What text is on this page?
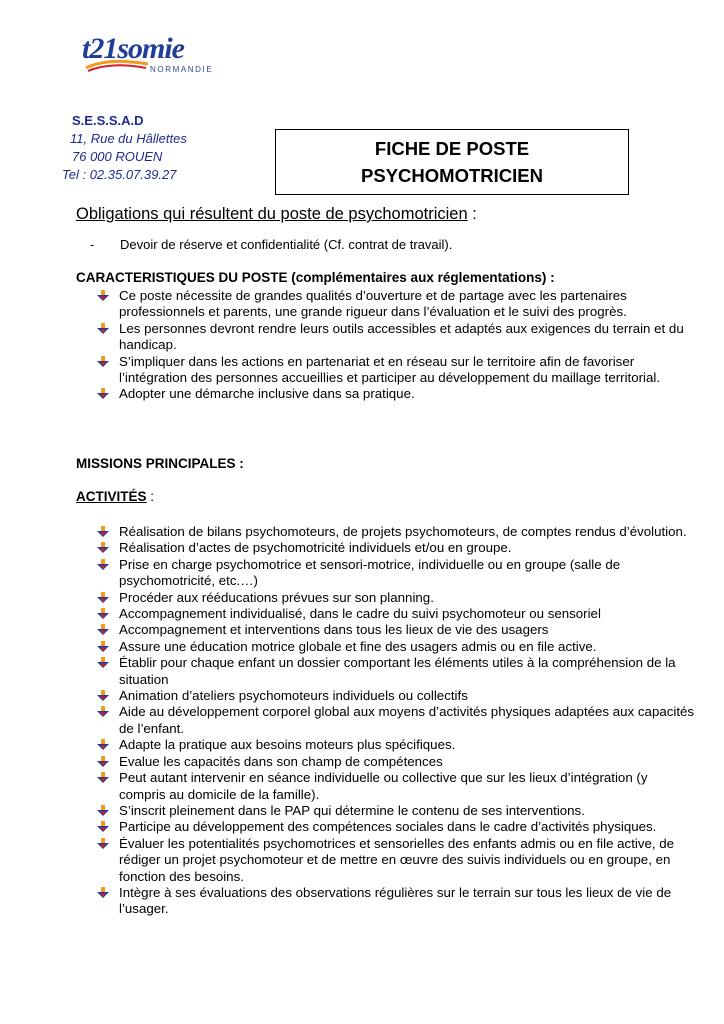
t21somie
NORMANDIE
S.E.S.S.A.D
11, Rue du Hâllettes
76 000 ROUEN
Tel : 02.35.07.39.27
FICHE DE POSTE
PSYCHOMOTRICIEN
Obligations qui résultent du poste de psychomotricien :
- Devoir de réserve et confidentialité (Cf. contrat de travail).
CARACTERISTIQUES DU POSTE (complémentaires aux réglementations) :
Ce poste nécessite de grandes qualités d’ouverture et de partage avec les partenaires professionnels et parents, une grande rigueur dans l’évaluation et le suivi des progrès.
Les personnes devront rendre leurs outils accessibles et adaptés aux exigences du terrain et du handicap.
S’impliquer dans les actions en partenariat et en réseau sur le territoire afin de favoriser l’intégration des personnes accueillies et participer au développement du maillage territorial.
Adopter une démarche inclusive dans sa pratique.
MISSIONS PRINCIPALES :
ACTIVITÉS :
Réalisation de bilans psychomoteurs, de projets psychomoteurs, de comptes rendus d’évolution.
Réalisation d’actes de psychomotricité individuels et/ou en groupe.
Prise en charge psychomotrice et sensori-motrice, individuelle ou en groupe (salle de psychomotricité, etc.…)
Procéder aux rééducations prévues sur son planning.
Accompagnement individualisé, dans le cadre du suivi psychomoteur ou sensoriel
Accompagnement et interventions dans tous les lieux de vie des usagers
Assure une éducation motrice globale et fine des usagers admis ou en file active.
Établir pour chaque enfant un dossier comportant les éléments utiles à la compréhension de la situation
Animation d’ateliers psychomoteurs individuels ou collectifs
Aide au développement corporel global aux moyens d’activités physiques adaptées aux capacités de l’enfant.
Adapte la pratique aux besoins moteurs plus spécifiques.
Evalue les capacités dans son champ de compétences
Peut autant intervenir en séance individuelle ou collective que sur les lieux d’intégration (y compris au domicile de la famille).
S’inscrit pleinement dans le PAP qui détermine le contenu de ses interventions.
Participe au développement des compétences sociales dans le cadre d’activités physiques.
Évaluer les potentialités psychomotrices et sensorielles des enfants admis ou en file active, de rédiger un projet psychomoteur et de mettre en œuvre des suivis individuels ou en groupe, en fonction des besoins.
Intègre à ses évaluations des observations régulières sur le terrain sur tous les lieux de vie de l’usager.
